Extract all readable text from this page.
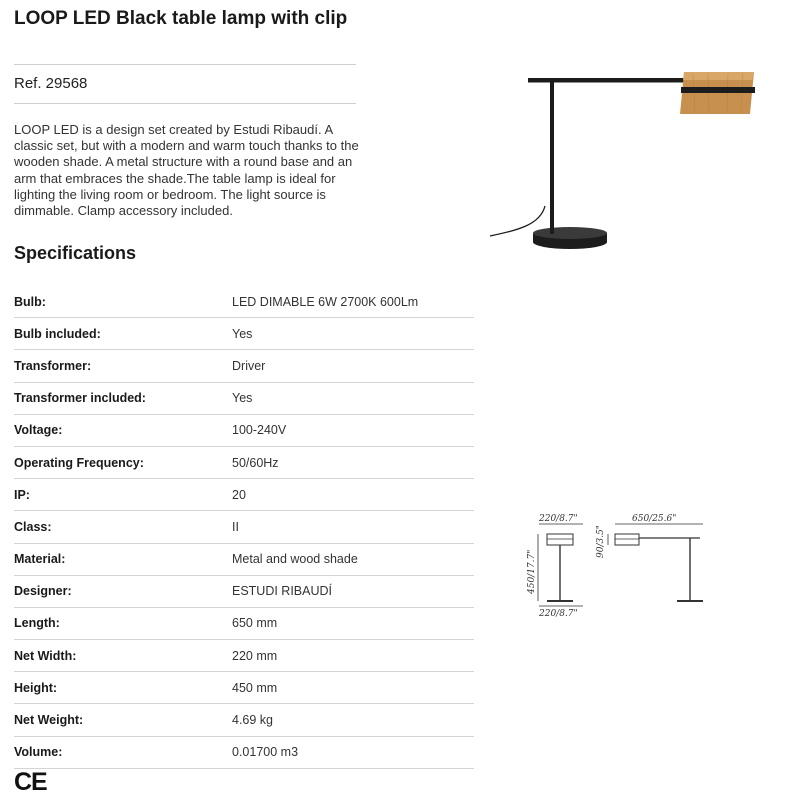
LOOP LED Black table lamp with clip
Ref. 29568
LOOP LED is a design set created by Estudi Ribaudí. A classic set, but with a modern and warm touch thanks to the wooden shade. A metal structure with a round base and an arm that embraces the shade.The table lamp is ideal for lighting the living room or bedroom. The light source is dimmable. Clamp accessory included.
Specifications
Bulb:	LED DIMABLE 6W 2700K 600Lm
Bulb included:	Yes
Transformer:	Driver
Transformer included:	Yes
Voltage:	100-240V
Operating Frequency:	50/60Hz
IP:	20
Class:	II
Material:	Metal and wood shade
Designer:	ESTUDI RIBAUDÍ
Length:	650 mm
Net Width:	220 mm
Height:	450 mm
Net Weight:	4.69 kg
Volume:	0.01700 m3
220/8.7"
220/8.7"
450/17.7"
650/25.6"
90/3.5"
CE
